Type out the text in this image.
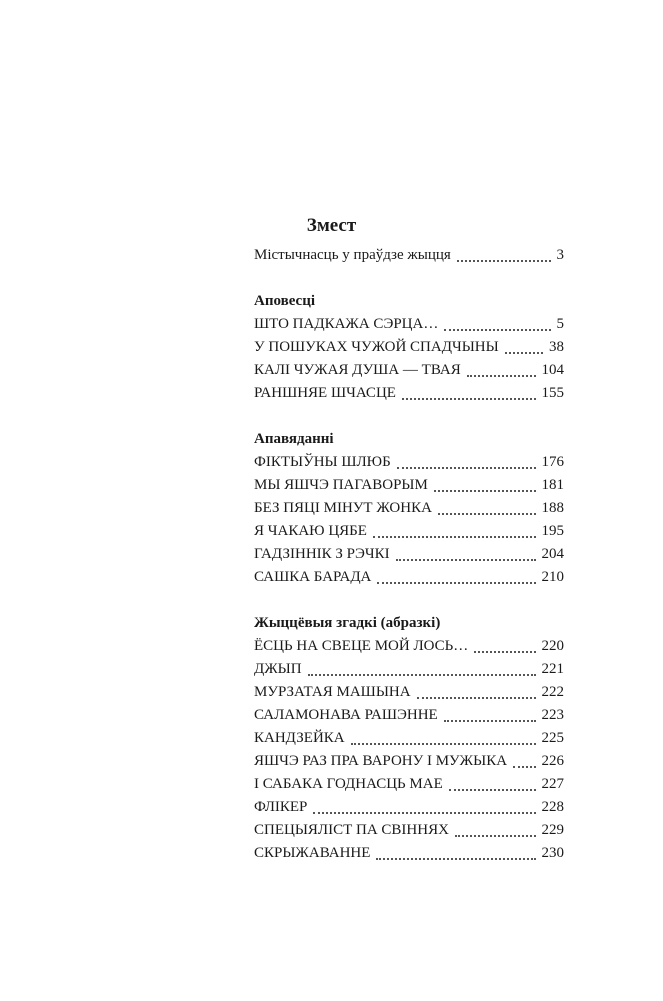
Змест
Містычнасць у праўдзе жыцця	3
Аповесці
ШТО ПАДКАЖА СЭРЦА…	5
У ПОШУКАХ ЧУЖОЙ СПАДЧЫНЫ	38
КАЛІ ЧУЖАЯ ДУША — ТВАЯ	104
РАНШНЯЕ ШЧАСЦЕ	155
Апавяданні
ФІКТЫЎНЫ ШЛЮБ	176
МЫ ЯШЧЭ ПАГАВОРЫМ	181
БЕЗ ПЯЦІ МІНУТ ЖОНКА	188
Я ЧАКАЮ ЦЯБЕ	195
ГАДЗІННІК З РЭЧКІ	204
САШКА БАРАДА	210
Жыццёвыя згадкі (абразкі)
ЁСЦЬ НА СВЕЦЕ МОЙ ЛОСЬ…	220
ДЖЫП	221
МУРЗАТАЯ МАШЫНА	222
САЛАМОНАВА РАШЭННЕ	223
КАНДЗЕЙКА	225
ЯШЧЭ РАЗ ПРА ВАРОНУ І МУЖЫКА	226
І САБАКА ГОДНАСЦЬ МАЕ	227
ФЛІКЕР	228
СПЕЦЫЯЛІСТ ПА СВІННЯХ	229
СКРЫЖАВАННЕ	230
